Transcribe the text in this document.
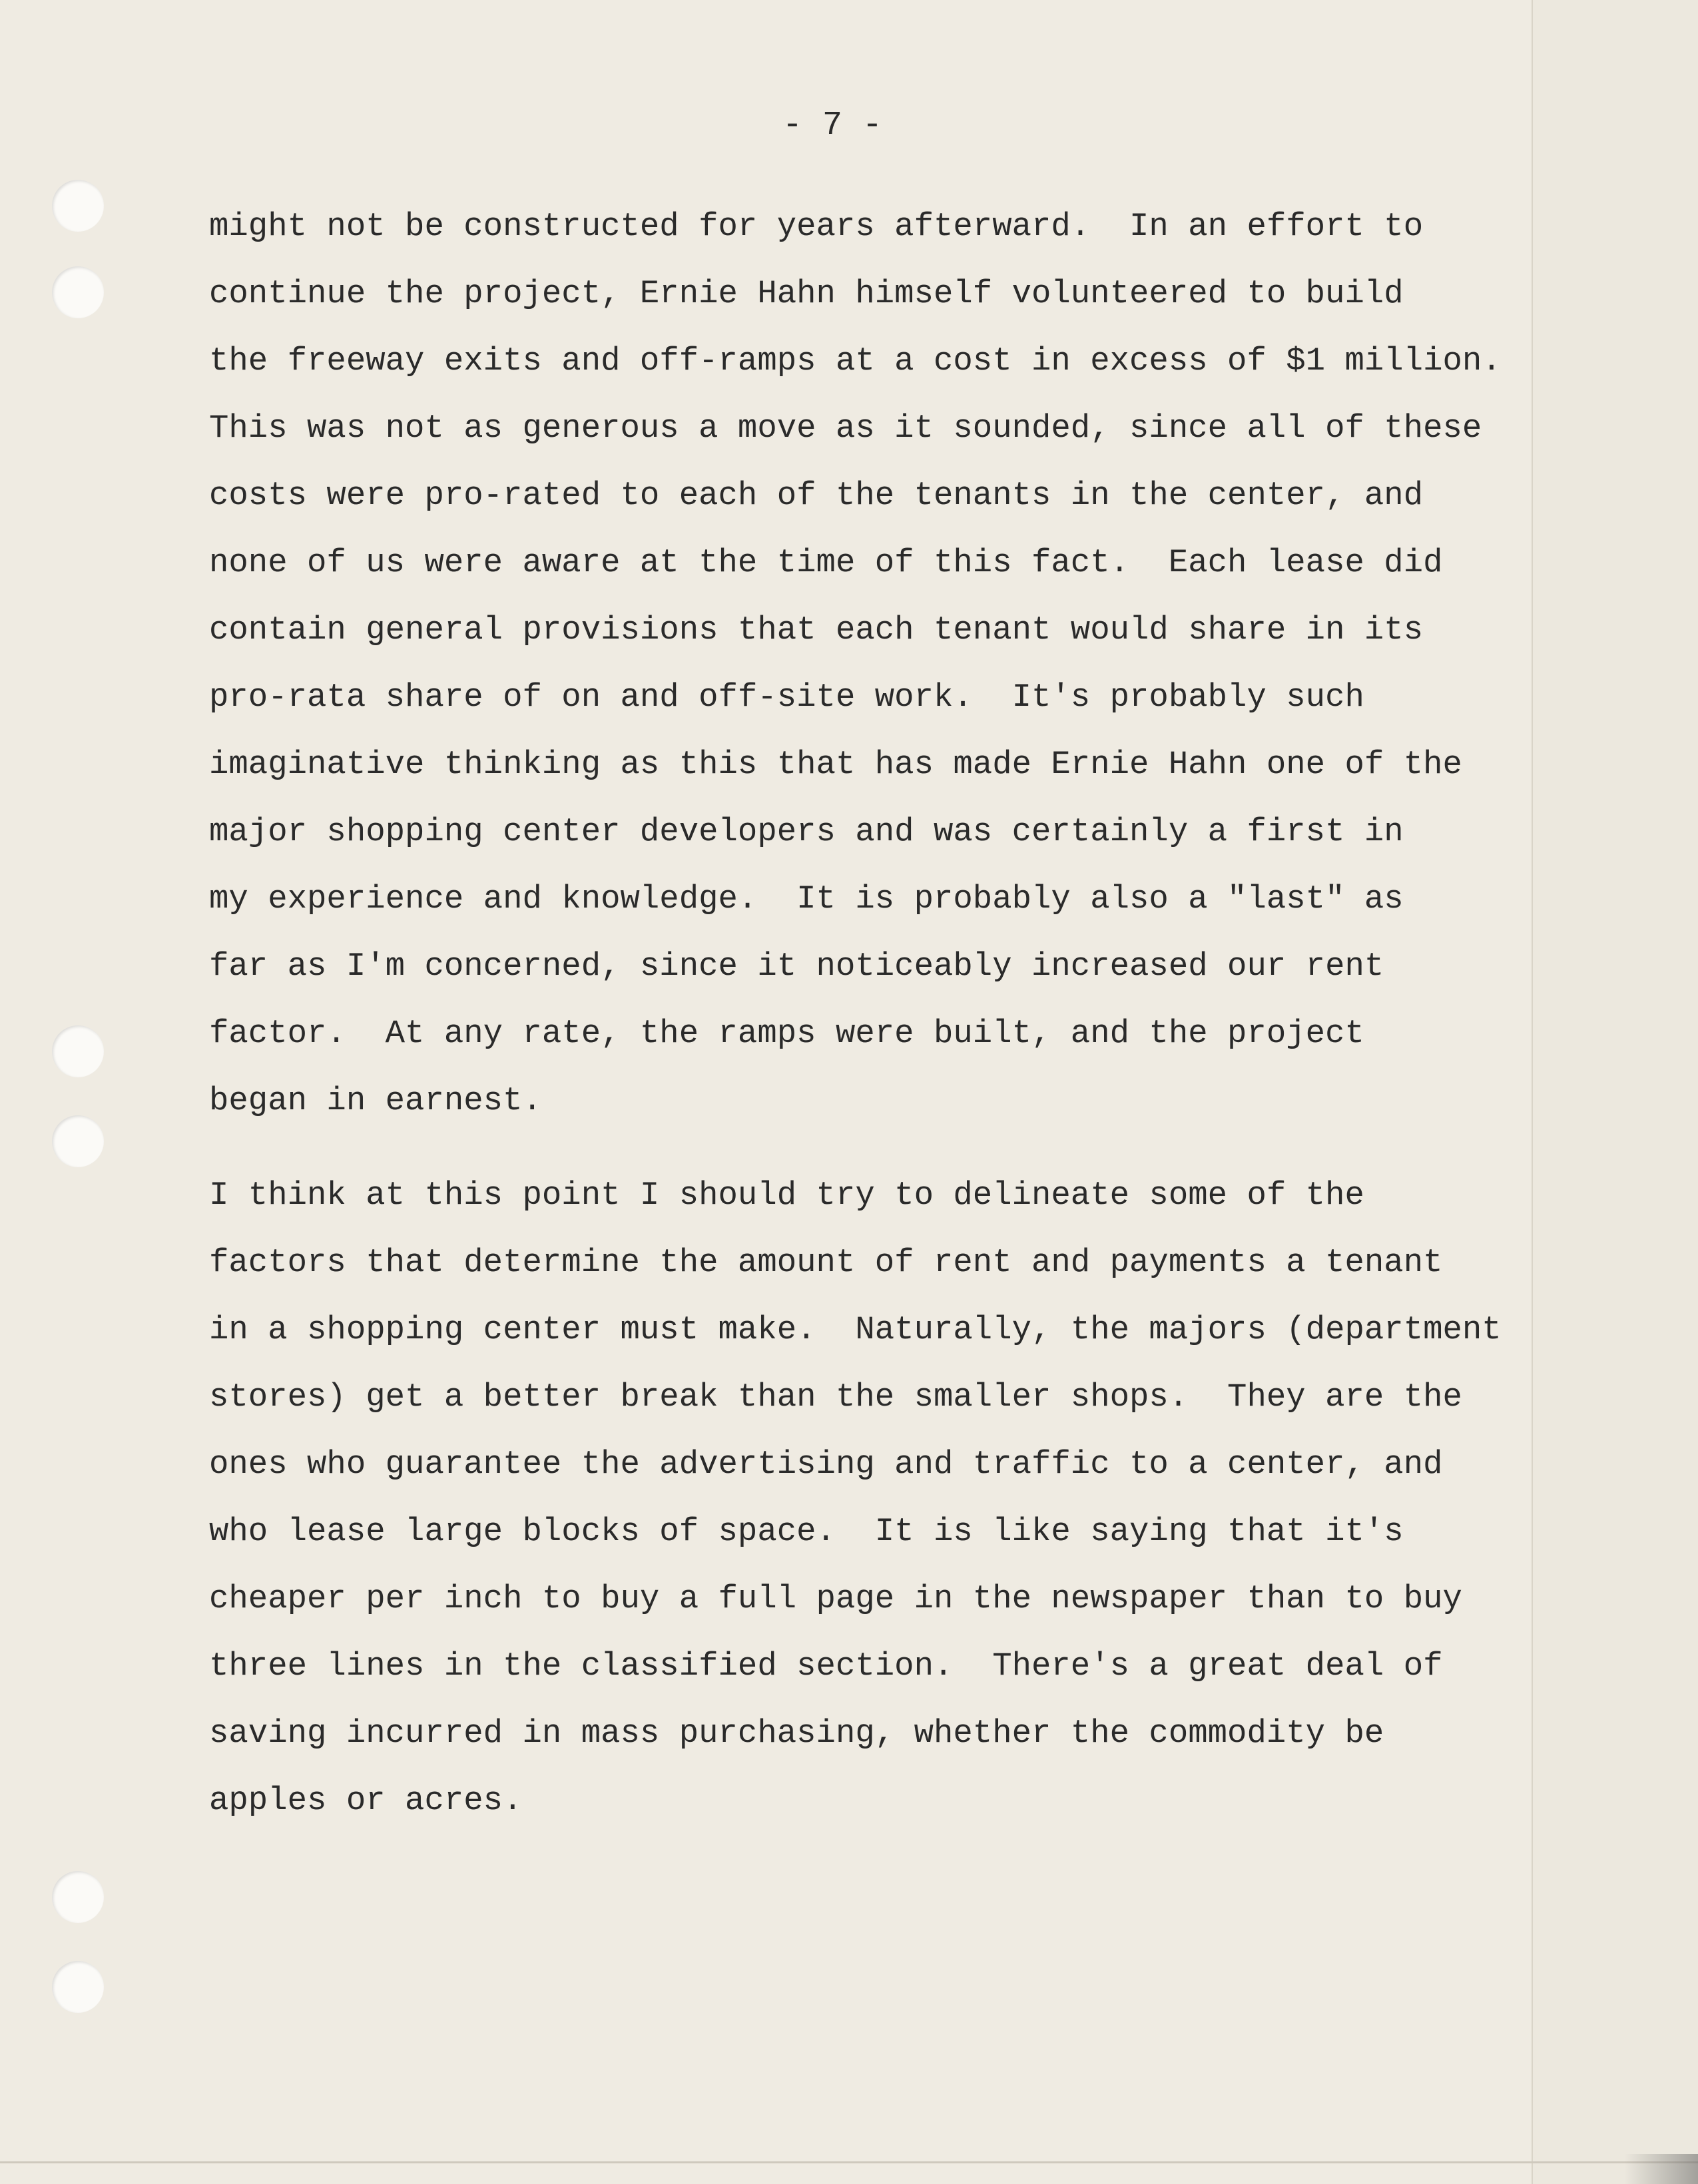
- 7 -
might not be constructed for years afterward.  In an effort to
continue the project, Ernie Hahn himself volunteered to build
the freeway exits and off-ramps at a cost in excess of $1 million.
This was not as generous a move as it sounded, since all of these
costs were pro-rated to each of the tenants in the center, and
none of us were aware at the time of this fact.  Each lease did
contain general provisions that each tenant would share in its
pro-rata share of on and off-site work.  It's probably such
imaginative thinking as this that has made Ernie Hahn one of the
major shopping center developers and was certainly a first in
my experience and knowledge.  It is probably also a "last" as
far as I'm concerned, since it noticeably increased our rent
factor.  At any rate, the ramps were built, and the project
began in earnest.
I think at this point I should try to delineate some of the
factors that determine the amount of rent and payments a tenant
in a shopping center must make.  Naturally, the majors (department
stores) get a better break than the smaller shops.  They are the
ones who guarantee the advertising and traffic to a center, and
who lease large blocks of space.  It is like saying that it's
cheaper per inch to buy a full page in the newspaper than to buy
three lines in the classified section.  There's a great deal of
saving incurred in mass purchasing, whether the commodity be
apples or acres.
